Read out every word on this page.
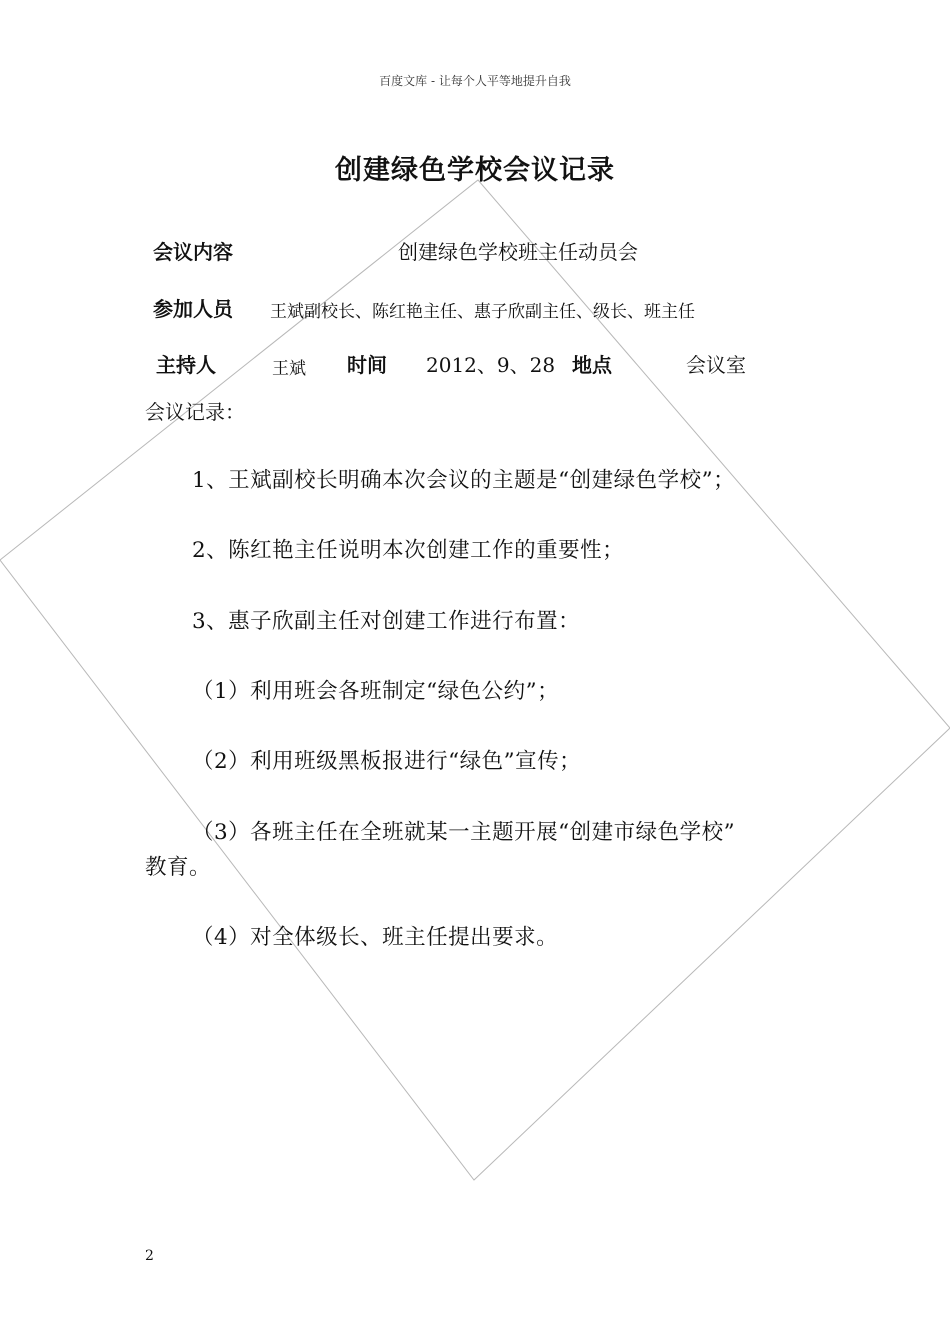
百度文库 - 让每个人平等地提升自我
创建绿色学校会议记录
会议内容	创建绿色学校班主任动员会
参加人员 王斌副校长、陈红艳主任、惠子欣副主任、级长、班主任
主持人	王斌 时间 2012、9、28 地点	会议室
会议记录：
1、王斌副校长明确本次会议的主题是“创建绿色学校”；
2、陈红艳主任说明本次创建工作的重要性；
3、惠子欣副主任对创建工作进行布置：
（1）利用班会各班制定“绿色公约”；
（2）利用班级黑板报进行“绿色”宣传；
（3）各班主任在全班就某一主题开展“创建市绿色学校”
教育。
（4）对全体级长、班主任提出要求。
2
